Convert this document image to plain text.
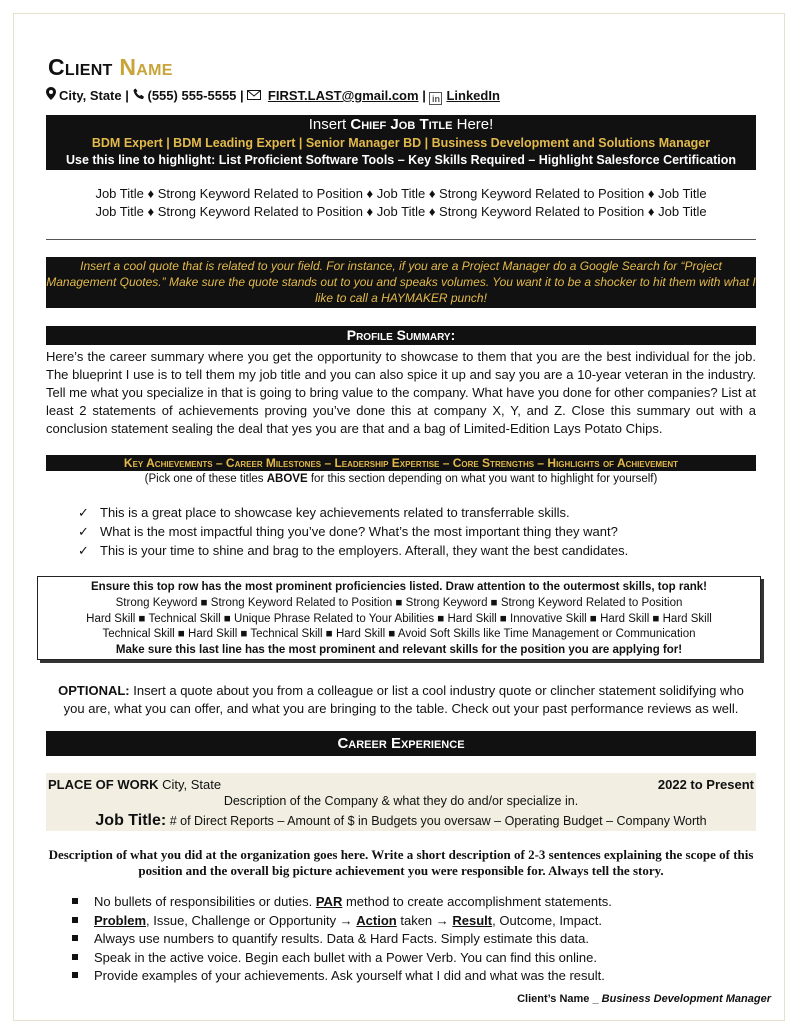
Client Name
City, State | (555) 555-5555 | FIRST.LAST@gmail.com | in LinkedIn
Insert Chief Job Title Here!
BDM Expert | BDM Leading Expert | Senior Manager BD | Business Development and Solutions Manager
Use this line to highlight: List Proficient Software Tools – Key Skills Required – Highlight Salesforce Certification
Job Title ♦ Strong Keyword Related to Position ♦ Job Title ♦ Strong Keyword Related to Position ♦ Job Title
Job Title ♦ Strong Keyword Related to Position ♦ Job Title ♦ Strong Keyword Related to Position ♦ Job Title
Insert a cool quote that is related to your field. For instance, if you are a Project Manager do a Google Search for “Project Management Quotes.” Make sure the quote stands out to you and speaks volumes. You want it to be a shocker to hit them with what I like to call a HAYMAKER punch!
Profile Summary:
Here’s the career summary where you get the opportunity to showcase to them that you are the best individual for the job. The blueprint I use is to tell them my job title and you can also spice it up and say you are a 10-year veteran in the industry. Tell me what you specialize in that is going to bring value to the company. What have you done for other companies? List at least 2 statements of achievements proving you’ve done this at company X, Y, and Z. Close this summary out with a conclusion statement sealing the deal that yes you are that and a bag of Limited-Edition Lays Potato Chips.
Key Achievements – Career Milestones – Leadership Expertise – Core Strengths – Highlights of Achievement
(Pick one of these titles ABOVE for this section depending on what you want to highlight for yourself)
✓ This is a great place to showcase key achievements related to transferrable skills.
✓ What is the most impactful thing you’ve done? What’s the most important thing they want?
✓ This is your time to shine and brag to the employers. Afterall, they want the best candidates.
Ensure this top row has the most prominent proficiencies listed. Draw attention to the outermost skills, top rank!
Strong Keyword ■ Strong Keyword Related to Position ■ Strong Keyword ■ Strong Keyword Related to Position
Hard Skill ■ Technical Skill ■ Unique Phrase Related to Your Abilities ■ Hard Skill ■ Innovative Skill ■ Hard Skill ■ Hard Skill
Technical Skill ■ Hard Skill ■ Technical Skill ■ Hard Skill ■ Avoid Soft Skills like Time Management or Communication
Make sure this last line has the most prominent and relevant skills for the position you are applying for!
OPTIONAL: Insert a quote about you from a colleague or list a cool industry quote or clincher statement solidifying who you are, what you can offer, and what you are bringing to the table. Check out your past performance reviews as well.
Career Experience
PLACE OF WORK City, State	2022 to Present
Description of the Company & what they do and/or specialize in.
Job Title: # of Direct Reports – Amount of $ in Budgets you oversaw – Operating Budget – Company Worth
Description of what you did at the organization goes here. Write a short description of 2-3 sentences explaining the scope of this position and the overall big picture achievement you were responsible for. Always tell the story.
No bullets of responsibilities or duties. PAR method to create accomplishment statements.
Problem, Issue, Challenge or Opportunity → Action taken → Result, Outcome, Impact.
Always use numbers to quantify results. Data & Hard Facts. Simply estimate this data.
Speak in the active voice. Begin each bullet with a Power Verb. You can find this online.
Provide examples of your achievements. Ask yourself what I did and what was the result.
Client’s Name _ Business Development Manager
